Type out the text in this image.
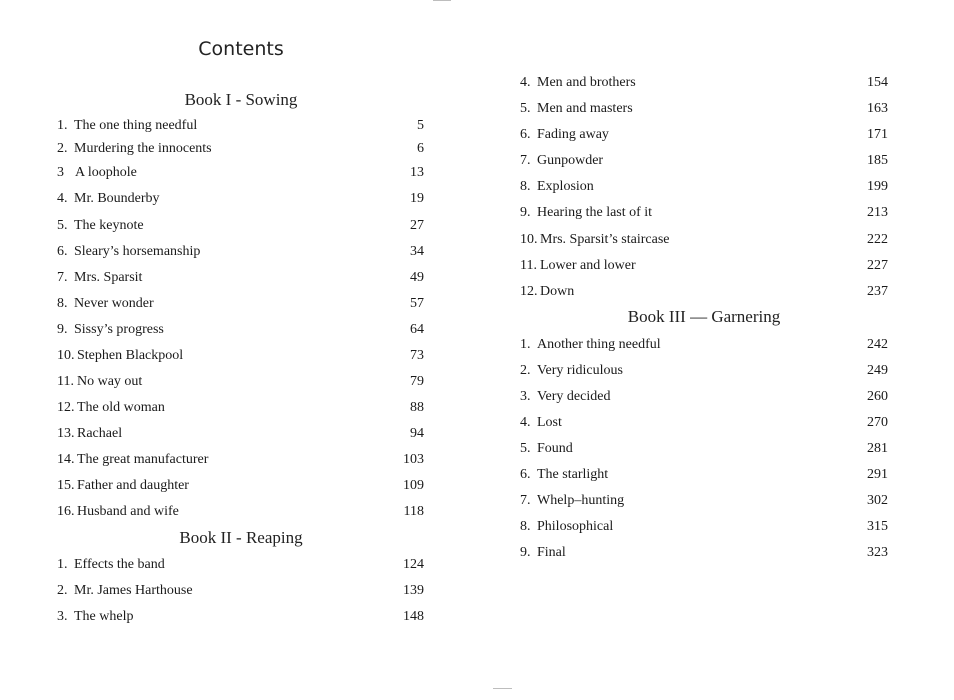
Contents
Book I - Sowing
Book II - Reaping
Book III — Garnering
1. The one thing needful	5
2. Murdering the innocents	6
3 A loophole	13
4. Mr. Bounderby	19
5. The keynote	27
6. Sleary’s horsemanship	34
7. Mrs. Sparsit	49
8. Never wonder	57
9. Sissy’s progress	64
10. Stephen Blackpool	73
11. No way out	79
12. The old woman	88
13. Rachael	94
14. The great manufacturer	103
15. Father and daughter	109
16. Husband and wife	118
1. Effects the band	124
2. Mr. James Harthouse	139
3. The whelp	148
4. Men and brothers	154
5. Men and masters	163
6. Fading away	171
7. Gunpowder	185
8. Explosion	199
9. Hearing the last of it	213
10. Mrs. Sparsit’s staircase	222
11. Lower and lower	227
12. Down	237
1. Another thing needful	242
2. Very ridiculous	249
3. Very decided	260
4. Lost	270
5. Found	281
6. The starlight	291
7. Whelp–hunting	302
8. Philosophical	315
9. Final	323
